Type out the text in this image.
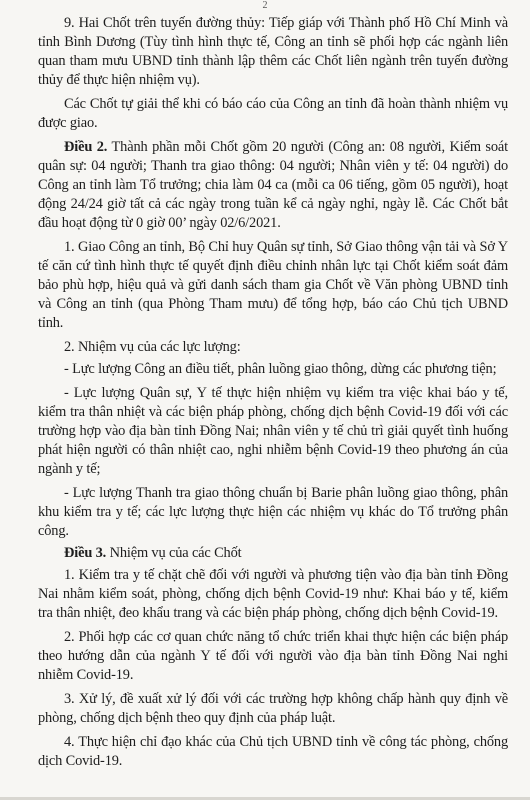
2

9. Hai Chốt trên tuyến đường thủy: Tiếp giáp với Thành phố Hồ Chí Minh và tỉnh Bình Dương (Tùy tình hình thực tế, Công an tỉnh sẽ phối hợp các ngành liên quan tham mưu UBND tỉnh thành lập thêm các Chốt liên ngành trên tuyến đường thủy để thực hiện nhiệm vụ).

Các Chốt tự giải thể khi có báo cáo của Công an tỉnh đã hoàn thành nhiệm vụ được giao.

Điều 2. Thành phần mỗi Chốt gồm 20 người (Công an: 08 người, Kiểm soát quân sự: 04 người; Thanh tra giao thông: 04 người; Nhân viên y tế: 04 người) do Công an tỉnh làm Tổ trưởng; chia làm 04 ca (mỗi ca 06 tiếng, gồm 05 người), hoạt động 24/24 giờ tất cả các ngày trong tuần kể cả ngày nghỉ, ngày lễ. Các Chốt bắt đầu hoạt động từ 0 giờ 00’ ngày 02/6/2021.

1. Giao Công an tỉnh, Bộ Chỉ huy Quân sự tỉnh, Sở Giao thông vận tải và Sở Y tế căn cứ tình hình thực tế quyết định điều chỉnh nhân lực tại Chốt kiểm soát đảm bảo phù hợp, hiệu quả và gửi danh sách tham gia Chốt về Văn phòng UBND tỉnh và Công an tỉnh (qua Phòng Tham mưu) để tổng hợp, báo cáo Chủ tịch UBND tỉnh.

2. Nhiệm vụ của các lực lượng:

- Lực lượng Công an điều tiết, phân luồng giao thông, dừng các phương tiện;

- Lực lượng Quân sự, Y tế thực hiện nhiệm vụ kiểm tra việc khai báo y tế, kiểm tra thân nhiệt và các biện pháp phòng, chống dịch bệnh Covid-19 đối với các trường hợp vào địa bàn tỉnh Đồng Nai; nhân viên y tế chủ trì giải quyết tình huống phát hiện người có thân nhiệt cao, nghi nhiễm bệnh Covid-19 theo phương án của ngành y tế;

- Lực lượng Thanh tra giao thông chuẩn bị Barie phân luồng giao thông, phân khu kiểm tra y tế; các lực lượng thực hiện các nhiệm vụ khác do Tổ trưởng phân công.

Điều 3. Nhiệm vụ của các Chốt

1. Kiểm tra y tế chặt chẽ đối với người và phương tiện vào địa bàn tỉnh Đồng Nai nhằm kiểm soát, phòng, chống dịch bệnh Covid-19 như: Khai báo y tế, kiểm tra thân nhiệt, đeo khẩu trang và các biện pháp phòng, chống dịch bệnh Covid-19.

2. Phối hợp các cơ quan chức năng tổ chức triển khai thực hiện các biện pháp theo hướng dẫn của ngành Y tế đối với người vào địa bàn tỉnh Đồng Nai nghi nhiễm Covid-19.

3. Xử lý, đề xuất xử lý đối với các trường hợp không chấp hành quy định về phòng, chống dịch bệnh theo quy định của pháp luật.

4. Thực hiện chỉ đạo khác của Chủ tịch UBND tỉnh về công tác phòng, chống dịch Covid-19.
